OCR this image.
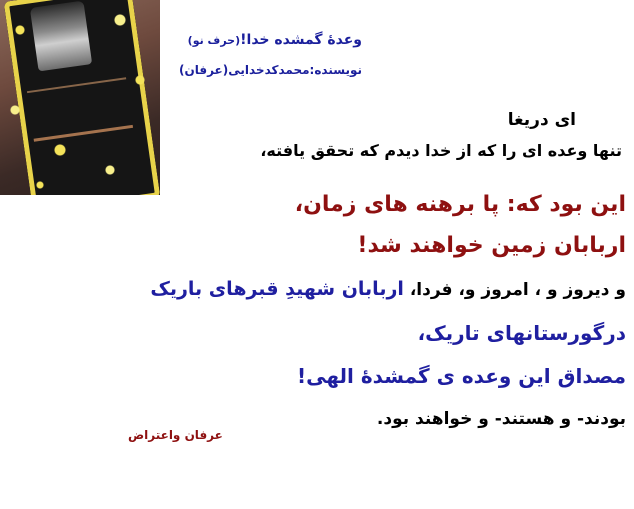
وعدهٔ گمشده خدا!(حرف نو)
نویسنده:محمدکدخدایی(عرفان)
ای دریغا
تنها وعده ای را که از خدا دیدم که تحقق یافته،
این بود که: پا برهنه های زمان،
اربابان زمین خواهند شد!
و دیروز و ، امروز و، فردا، اربابان شهیدِ قبرهای باریک
درگورستانهای تاریک،
مصداق این وعده ی گمشدهٔ الهی!
بودند- و هستند- و خواهند بود.
عرفان واعتراض
